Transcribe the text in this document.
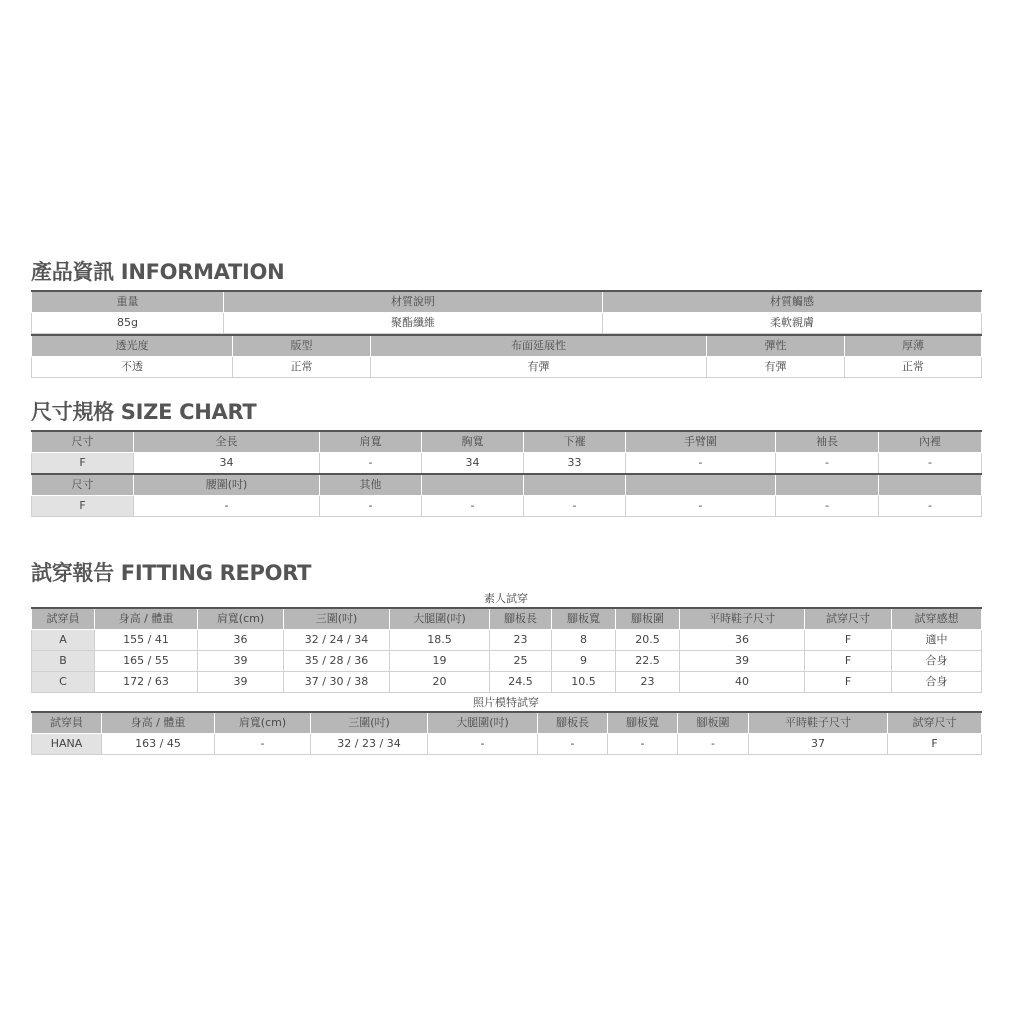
產品資訊 INFORMATION
重量	材質說明	材質觸感
85g	聚酯纖維	柔軟親膚
透光度	版型	布面延展性	彈性	厚薄
不透	正常	有彈	有彈	正常
尺寸規格 SIZE CHART
尺寸	全長	肩寬	胸寬	下襬	手臂圍	袖長	內裡
F	34	-	34	33	-	-	-
尺寸	腰圍(吋)	其他					
F	-	-	-	-	-	-	-
試穿報告 FITTING REPORT
素人試穿
試穿員	身高 / 體重	肩寬(cm)	三圍(吋)	大腿圍(吋)	腳板長	腳板寬	腳板圍	平時鞋子尺寸	試穿尺寸	試穿感想
A	155 / 41	36	32 / 24 / 34	18.5	23	8	20.5	36	F	適中
B	165 / 55	39	35 / 28 / 36	19	25	9	22.5	39	F	合身
C	172 / 63	39	37 / 30 / 38	20	24.5	10.5	23	40	F	合身
照片模特試穿
試穿員	身高 / 體重	肩寬(cm)	三圍(吋)	大腿圍(吋)	腳板長	腳板寬	腳板圍	平時鞋子尺寸	試穿尺寸
HANA	163 / 45	-	32 / 23 / 34	-	-	-	-	37	F
